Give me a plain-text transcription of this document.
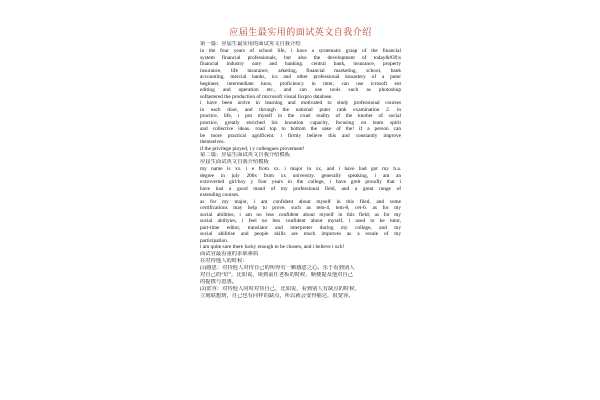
应届生最实用的面试英文自我介绍
第一篇：应届生最实用的面试英文自我介绍
in the four years of school life, i have a systematic grasp of the financial
system financial professionals, but also the development of today&#39;s
financial industry oary and banking. central bank, insurance, property
insurance, life insurance, arketing, financial marketing, school, bank
accounting, mercial banks, ics and other professional knoastery of a puter
beginner, intermediate knos, proficiency in inter, can use icrosoft ent
editing and operation etc., and can use tools such as photoshop
softastered the production of microsoft visual foxpro database.
i have been active in learning and motivated to study professional courses
in each door, and through the national puter rank examination 2. in
practice, life, i put myself in the cruel reality of the knoher of social
practice, greatly enriched his knoution capacity, focusing on team spirit
and collective ideas. road top to bottom the sake of the! if a person can
be more practical agnificent. i firmly believe this and constantly improve
themselves.
if the privilege ployed, i y colleagues provement!
第二篇：应届生面试英文自我介绍模板
应届生面试英文自我介绍模板
my name is xx. i e from xx. i major in xx, and i have had got my b.a.
degree in july 200x from xx university. generally speaking, i am an
extroverted girl/boy y four years in the college, i have greit proudly that i
have had a good mand of my professional field, and a great range of
extending courses.
as for my major, i am confident about myself in this filed, and some
certifications may help to prove, such as tem-4, tem-8, cet-6. as for my
social abilities, i am no less confident about myself in this field; as for my
social abiltyies, i feel no less confident about myself, i used to be tutor,
part-time editor, translator and interpreter during my college, and my
social abilitise and people skills are much improves as a resule of my
participation.
i am quite sure there lucky enough to be chosen, and i believe i uch!
面试官最看重的求职素质
在对待他人的时候：
(1)感恩：对待他人对待自己的所得有一颗感恩之心。乐于看到别人
对自己的“好”，比如说，谈到前任老板的时候，顺便提及他对自己
的提携与恩惠。
(2)宽容：对待他人同时对待自己，比如说，看到别人有缺点的时候，
立刻联想到，自己也有同样的缺点，所以就会变得豁达，很宽容。
